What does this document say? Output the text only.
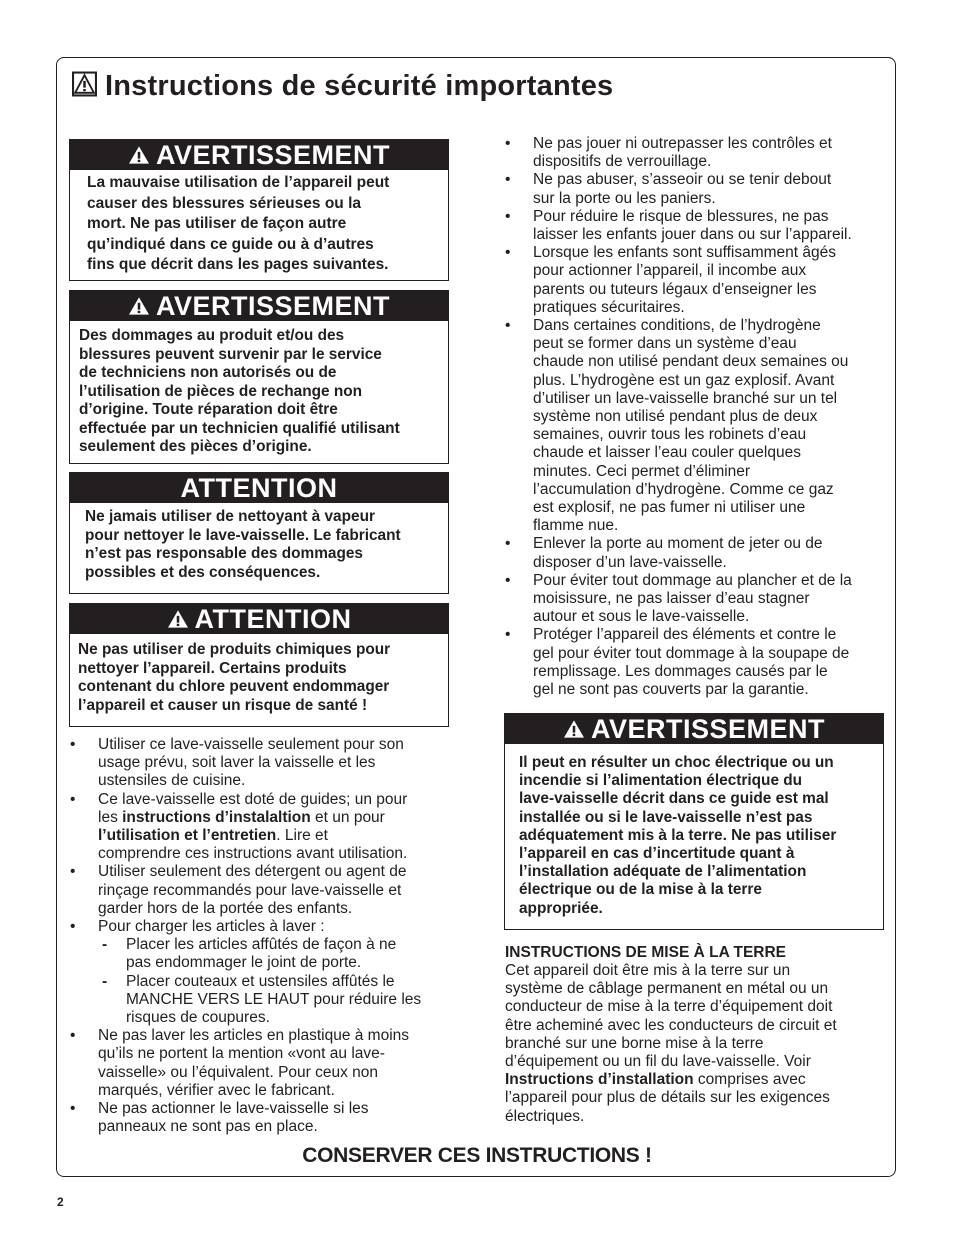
Instructions de sécurité importantes
AVERTISSEMENT

La mauvaise utilisation de l’appareil peut

causer des blessures sérieuses ou la

mort. Ne pas utiliser de façon autre

qu’indiqué dans ce guide ou à d’autres

fins que décrit dans les pages suivantes.

AVERTISSEMENT

Des dommages au produit et/ou des

blessures peuvent survenir par le service

de techniciens non autorisés ou de

l’utilisation de pièces de rechange non

d’origine. Toute réparation doit être

effectuée par un technicien qualifié utilisant

seulement des pièces d’origine.

ATTENTION

Ne jamais utiliser de nettoyant à vapeur

pour nettoyer le lave-vaisselle. Le fabricant

n’est pas responsable des dommages

possibles et des conséquences.

ATTENTION

Ne pas utiliser de produits chimiques pour

nettoyer l’appareil. Certains produits

contenant du chlore peuvent endommager

l’appareil et causer un risque de santé !

• Utiliser ce lave-vaisselle seulement pour son
usage prévu, soit laver la vaisselle et les
ustensiles de cuisine.
• Ce lave-vaisselle est doté de guides; un pour
les instructions d’instalaltion et un pour
l’utilisation et l’entretien. Lire et
comprendre ces instructions avant utilisation.
• Utiliser seulement des détergent ou agent de
rinçage recommandés pour lave-vaisselle et
garder hors de la portée des enfants.
• Pour charger les articles à laver :
- Placer les articles affûtés de façon à ne
pas endommager le joint de porte.
- Placer couteaux et ustensiles affûtés le
MANCHE VERS LE HAUT pour réduire les
risques de coupures.
• Ne pas laver les articles en plastique à moins
qu’ils ne portent la mention «vont au lave-
vaisselle» ou l’équivalent. Pour ceux non
marqués, vérifier avec le fabricant.
• Ne pas actionner le lave-vaisselle si les
panneaux ne sont pas en place.
• Ne pas jouer ni outrepasser les contrôles et
dispositifs de verrouillage.
• Ne pas abuser, s’asseoir ou se tenir debout
sur la porte ou les paniers.
• Pour réduire le risque de blessures, ne pas
laisser les enfants jouer dans ou sur l’appareil.
• Lorsque les enfants sont suffisamment âgés
pour actionner l’appareil, il incombe aux
parents ou tuteurs légaux d’enseigner les
pratiques sécuritaires.
• Dans certaines conditions, de l’hydrogène
peut se former dans un système d’eau
chaude non utilisé pendant deux semaines ou
plus. L’hydrogène est un gaz explosif. Avant
d’utiliser un lave-vaisselle branché sur un tel
système non utilisé pendant plus de deux
semaines, ouvrir tous les robinets d’eau
chaude et laisser l’eau couler quelques
minutes. Ceci permet d’éliminer
l’accumulation d’hydrogène. Comme ce gaz
est explosif, ne pas fumer ni utiliser une
flamme nue.
• Enlever la porte au moment de jeter ou de
disposer d’un lave-vaisselle.
• Pour éviter tout dommage au plancher et de la
moisissure, ne pas laisser d’eau stagner
autour et sous le lave-vaisselle.
• Protéger l’appareil des éléments et contre le
gel pour éviter tout dommage à la soupape de
remplissage. Les dommages causés par le
gel ne sont pas couverts par la garantie.
AVERTISSEMENT

Il peut en résulter un choc électrique ou un

incendie si l’alimentation électrique du

lave-vaisselle décrit dans ce guide est mal

installée ou si le lave-vaisselle n’est pas

adéquatement mis à la terre. Ne pas utiliser

l’appareil en cas d’incertitude quant à

l’installation adéquate de l’alimentation

électrique ou de la mise à la terre

appropriée.

INSTRUCTIONS DE MISE À LA TERRE
Cet appareil doit être mis à la terre sur un
système de câblage permanent en métal ou un
conducteur de mise à la terre d’équipement doit
être acheminé avec les conducteurs de circuit et
branché sur une borne mise à la terre
d’équipement ou un fil du lave-vaisselle. Voir
Instructions d’installation comprises avec
l’appareil pour plus de détails sur les exigences
électriques.
CONSERVER CES INSTRUCTIONS !
2
